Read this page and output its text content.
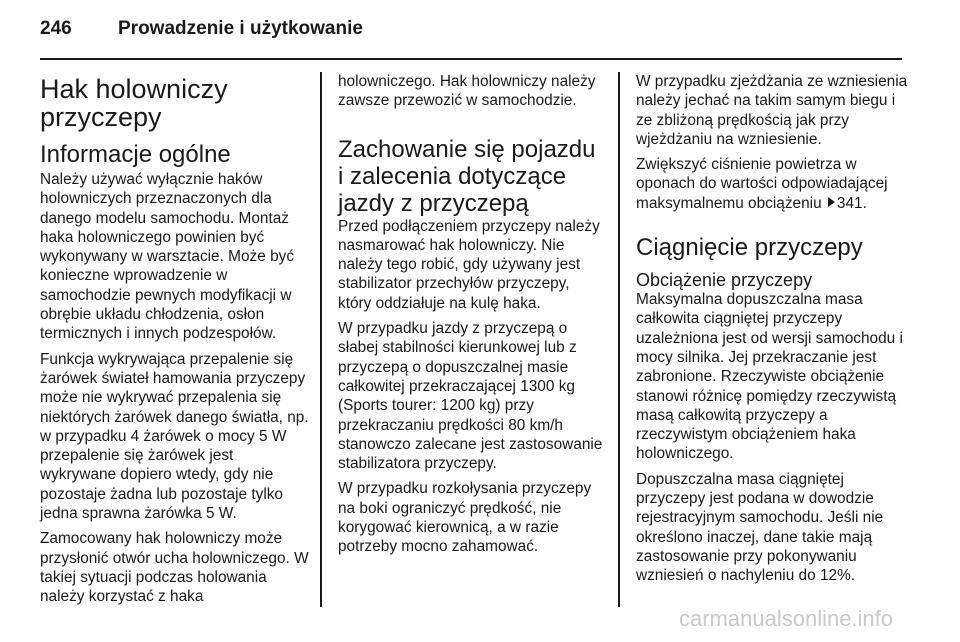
246 Prowadzenie i użytkowanie
Hak holowniczy przyczepy
Informacje ogólne

Należy używać wyłącznie haków holowniczych przeznaczonych dla danego modelu samochodu. Montaż haka holowniczego powinien być wykonywany w warsztacie. Może być konieczne wprowadzenie w samochodzie pewnych modyfikacji w obrębie układu chłodzenia, osłon termicznych i innych podzespołów.

Funkcja wykrywająca przepalenie się żarówek świateł hamowania przyczepy może nie wykrywać przepalenia się niektórych żarówek danego światła, np. w przypadku 4 żarówek o mocy 5 W przepalenie się żarówek jest wykrywane dopiero wtedy, gdy nie pozostaje żadna lub pozostaje tylko jedna sprawna żarówka 5 W.

Zamocowany hak holowniczy może przysłonić otwór ucha holowniczego. W takiej sytuacji podczas holowania należy korzystać z haka

holowniczego. Hak holowniczy należy zawsze przewozić w samochodzie.

Zachowanie się pojazdu i zalecenia dotyczące jazdy z przyczepą

Przed podłączeniem przyczepy należy nasmarować hak holowniczy. Nie należy tego robić, gdy używany jest stabilizator przechyłów przyczepy, który oddziałuje na kulę haka.

W przypadku jazdy z przyczepą o słabej stabilności kierunkowej lub z przyczepą o dopuszczalnej masie całkowitej przekraczającej 1300 kg (Sports tourer: 1200 kg) przy przekraczaniu prędkości 80 km/h stanowczo zalecane jest zastosowanie stabilizatora przyczepy.

W przypadku rozkołysania przyczepy na boki ograniczyć prędkość, nie korygować kierownicą, a w razie potrzeby mocno zahamować.

W przypadku zjeżdżania ze wzniesienia należy jechać na takim samym biegu i ze zbliżoną prędkością jak przy wjeżdżaniu na wzniesienie.

Zwiększyć ciśnienie powietrza w oponach do wartości odpowiadającej maksymalnemu obciążeniu 341.

Ciągnięcie przyczepy
Obciążenie przyczepy

Maksymalna dopuszczalna masa całkowita ciągniętej przyczepy uzależniona jest od wersji samochodu i mocy silnika. Jej przekraczanie jest zabronione. Rzeczywiste obciążenie stanowi różnicę pomiędzy rzeczywistą masą całkowitą przyczepy a rzeczywistym obciążeniem haka holowniczego.

Dopuszczalna masa ciągniętej przyczepy jest podana w dowodzie rejestracyjnym samochodu. Jeśli nie określono inaczej, dane takie mają zastosowanie przy pokonywaniu wzniesień o nachyleniu do 12%.

carmanualsonline.info
